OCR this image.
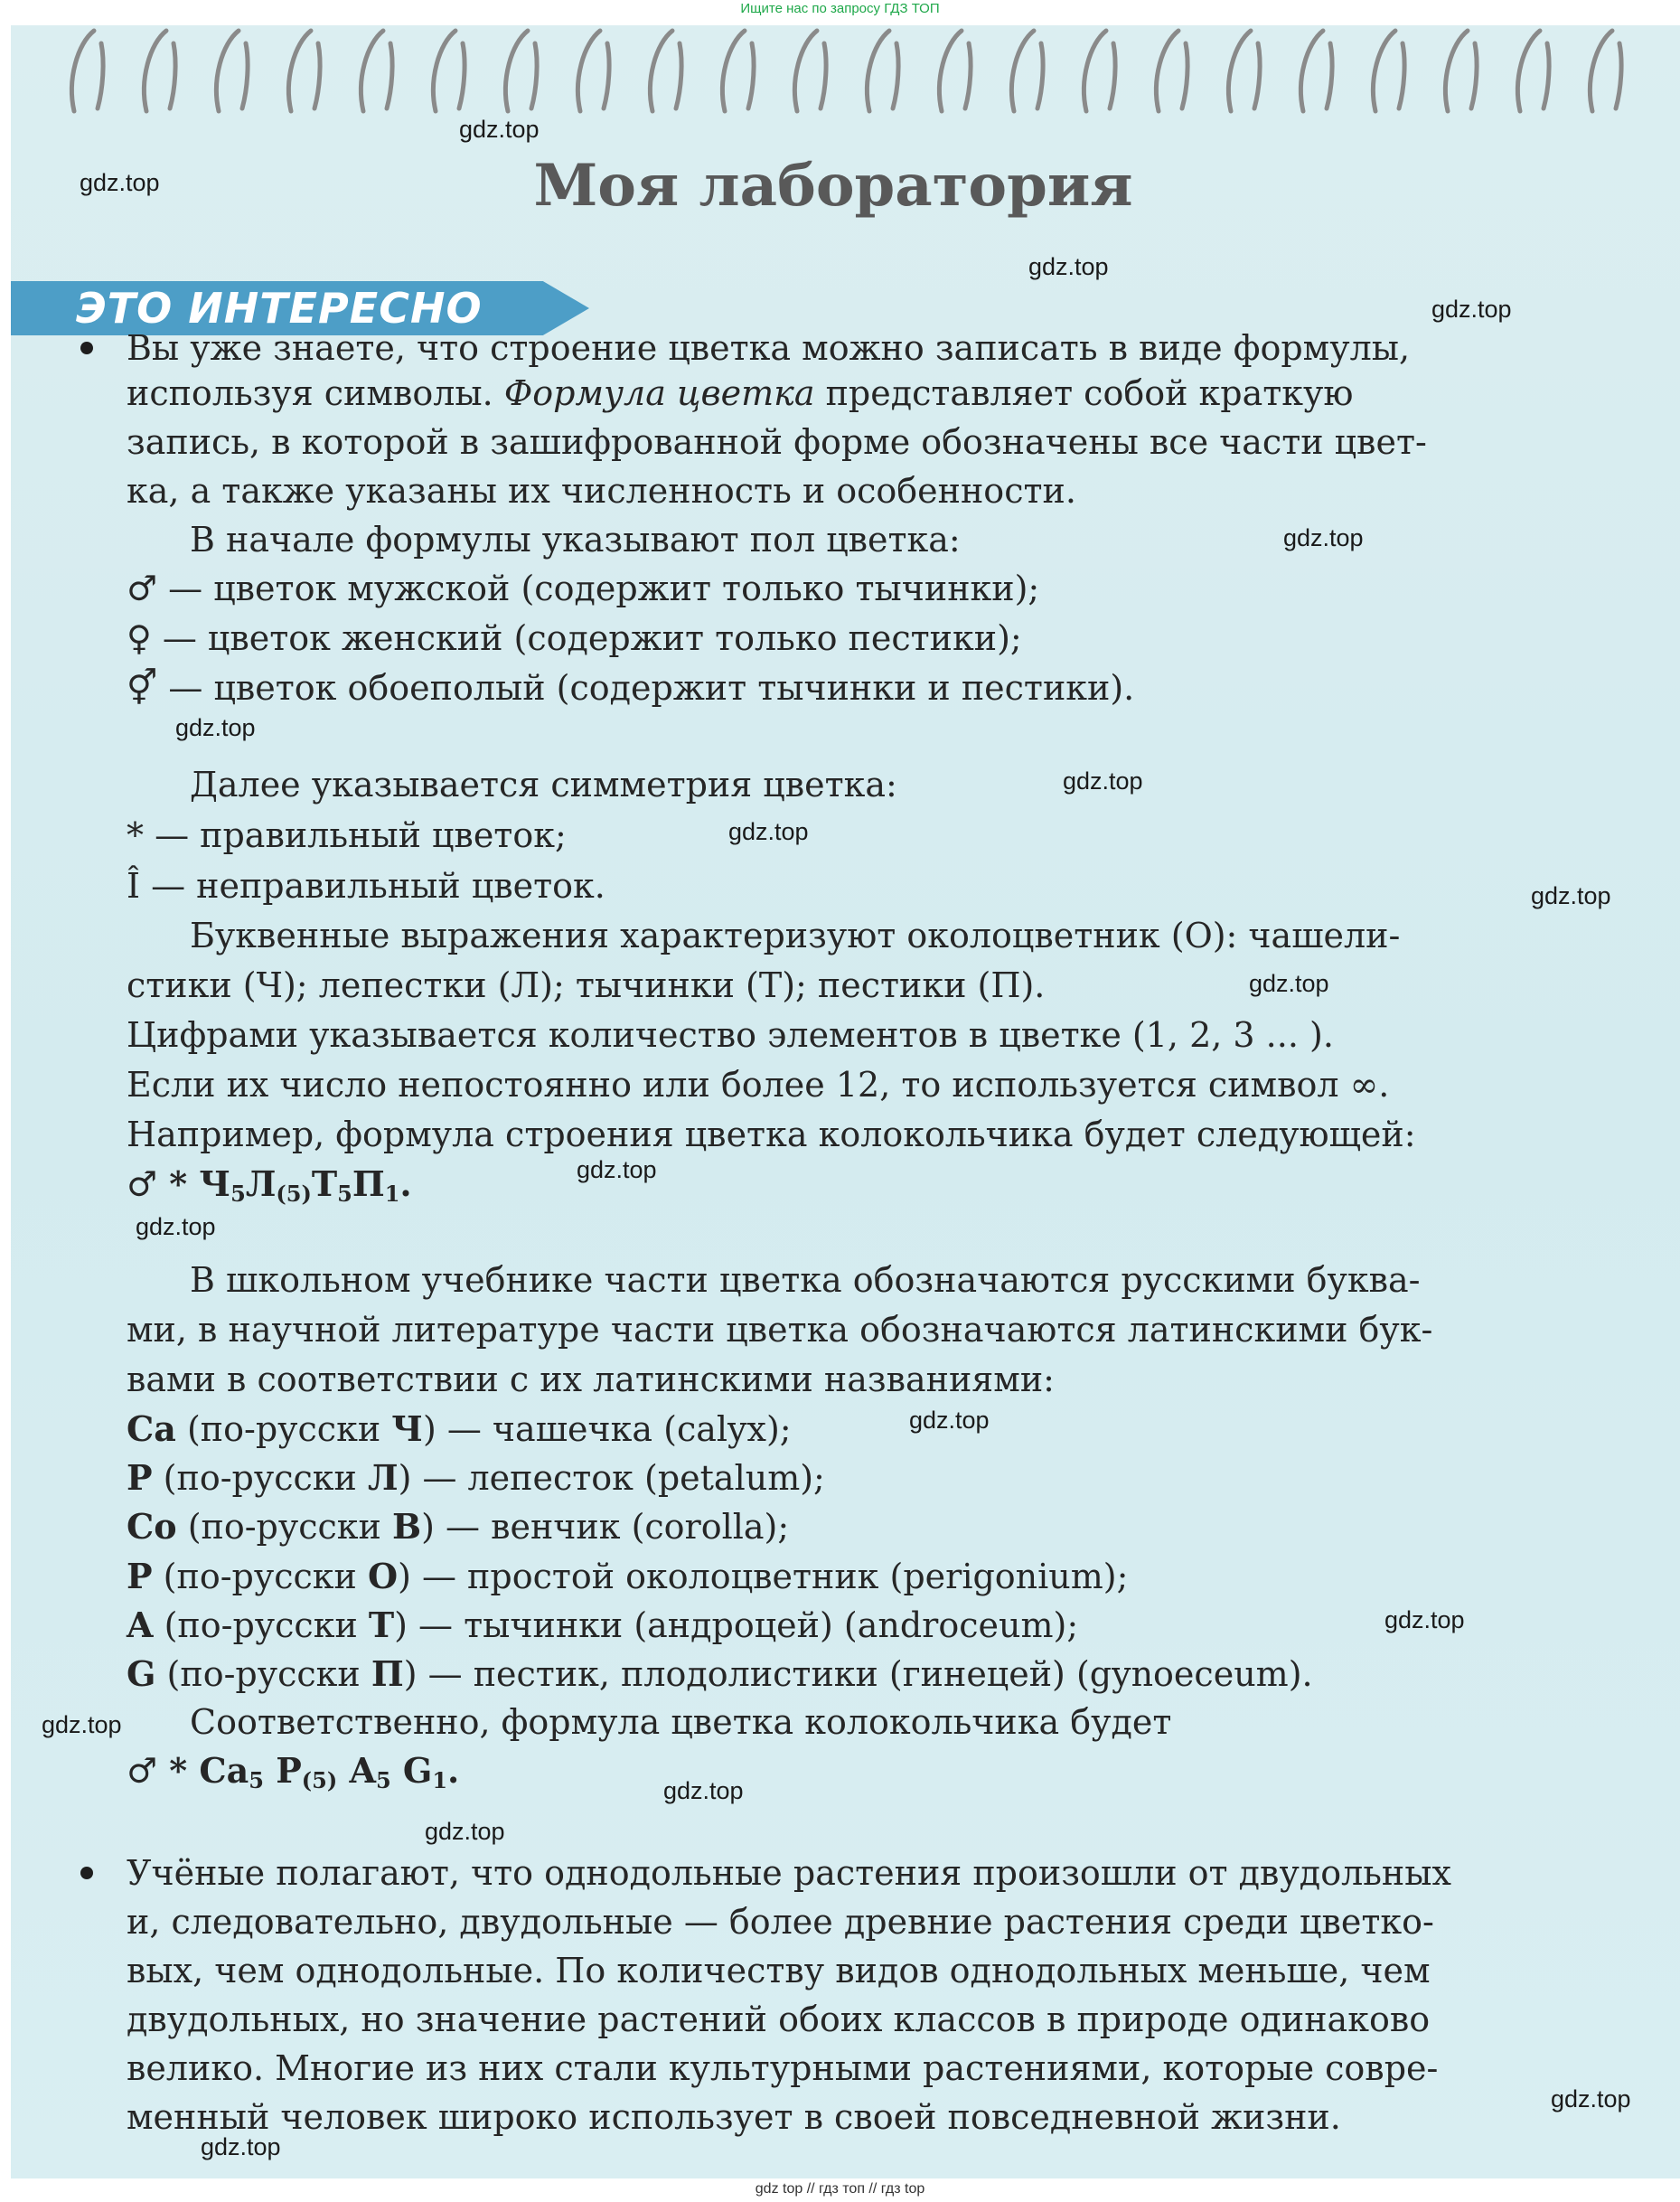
Ищите нас по запросу ГДЗ ТОП
Моя лаборатория
ЭТО ИНТЕРЕСНО
Вы уже знаете, что строение цветка можно записать в виде формулы,
используя символы. Формула цветка представляет собой краткую
запись, в которой в зашифрованной форме обозначены все части цвет-
ка, а также указаны их численность и особенности.
В начале формулы указывают пол цветка:
♂ — цветок мужской (содержит только тычинки);
♀ — цветок женский (содержит только пестики);
⚥ — цветок обоеполый (содержит тычинки и пестики).
Далее указывается симметрия цветка:
* — правильный цветок;
Î — неправильный цветок.
Буквенные выражения характеризуют околоцветник (О): чашели-
стики (Ч); лепестки (Л); тычинки (Т); пестики (П).
Цифрами указывается количество элементов в цветке (1, 2, 3 ... ).
Если их число непостоянно или более 12, то используется символ ∞.
Например, формула строения цветка колокольчика будет следующей:
♂ * $Ч_5Л_{(5)}Т_5П_1$.
В школьном учебнике части цветка обозначаются русскими буква-
ми, в научной литературе части цветка обозначаются латинскими бук-
вами в соответствии с их латинскими названиями:
Ca (по-русски Ч) — чашечка (calyx);
P (по-русски Л) — лепесток (petalum);
Co (по-русски В) — венчик (corolla);
P (по-русски О) — простой околоцветник (perigonium);
A (по-русски Т) — тычинки (андроцей) (androceum);
G (по-русски П) — пестик, плодолистики (гинецей) (gynoeceum).
Соответственно, формула цветка колокольчика будет
♂ * $Ca_5$ $P_{(5)}$ $A_5$ $G_1$.
Учёные полагают, что однодольные растения произошли от двудольных
и, следовательно, двудольные — более древние растения среди цветко-
вых, чем однодольные. По количеству видов однодольных меньше, чем
двудольных, но значение растений обоих классов в природе одинаково
велико. Многие из них стали культурными растениями, которые совре-
менный человек широко использует в своей повседневной жизни.
gdz.top
gdz.top
gdz.top
gdz.top
gdz.top
gdz.top
gdz.top
gdz.top
gdz.top
gdz.top
gdz.top
gdz.top
gdz.top
gdz.top
gdz.top
gdz.top
gdz.top
gdz.top
gdz.top
gdz top // гдз топ // гдз top
